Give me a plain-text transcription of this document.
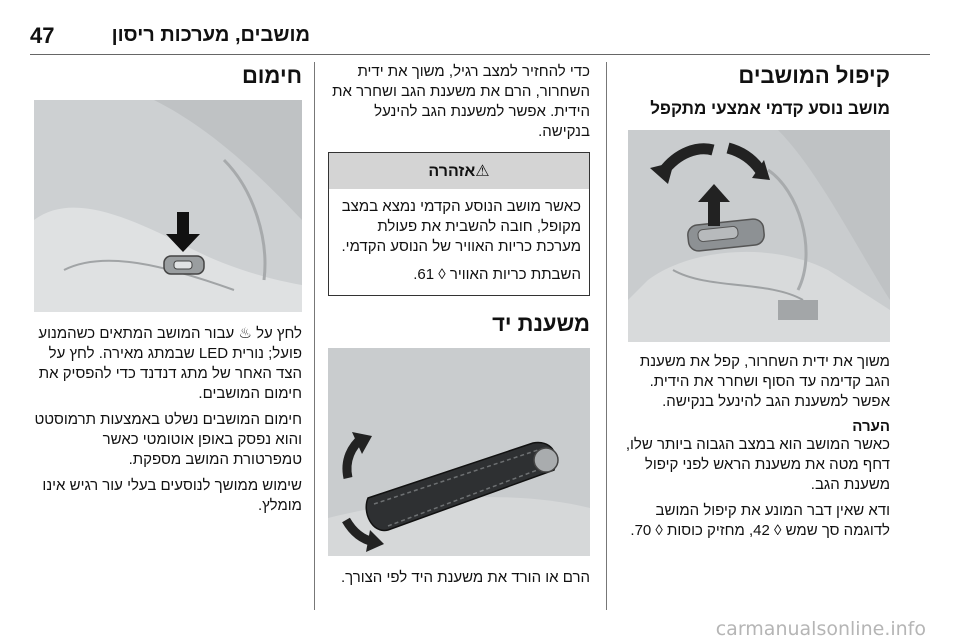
47	מושבים, מערכות ריסון
קיפול המושבים
מושב נוסע קדמי אמצעי מתקפל

משוך את ידית השחרור, קפל את משענת הגב קדימה עד הסוף ושחרר את הידית. אפשר למשענת הגב להינעל בנקישה.

הערה

כאשר המושב הוא במצב הגבוה ביותר שלו, דחף מטה את משענת הראש לפני קיפול משענת הגב.

ודא שאין דבר המונע את קיפול המושב לדוגמה סך שמש ◊ 42, מחזיק כוסות ◊ 70.

כדי להחזיר למצב רגיל, משוך את ידית השחרור, הרם את משענת הגב ושחרר את הידית. אפשר למשענת הגב להינעל בנקישה.

⚠אזהרה

כאשר מושב הנוסע הקדמי נמצא במצב מקופל, חובה להשבית את פעולת מערכת כריות האוויר של הנוסע הקדמי.

השבתת כריות האוויר ◊ 61.

משענת יד

הרם או הורד את משענת היד לפי הצורך.

חימום

לחץ על ♨ עבור המושב המתאים כשהמנוע פועל; נורית LED שבמתג מאירה. לחץ על הצד האחר של מתג דנדנד כדי להפסיק את חימום המושבים.

חימום המושבים נשלט באמצעות תרמוסטט והוא נפסק באופן אוטומטי כאשר טמפרטורת המושב מספקת.

שימוש ממושך לנוסעים בעלי עור רגיש אינו מומלץ.

carmanualsonline.info
